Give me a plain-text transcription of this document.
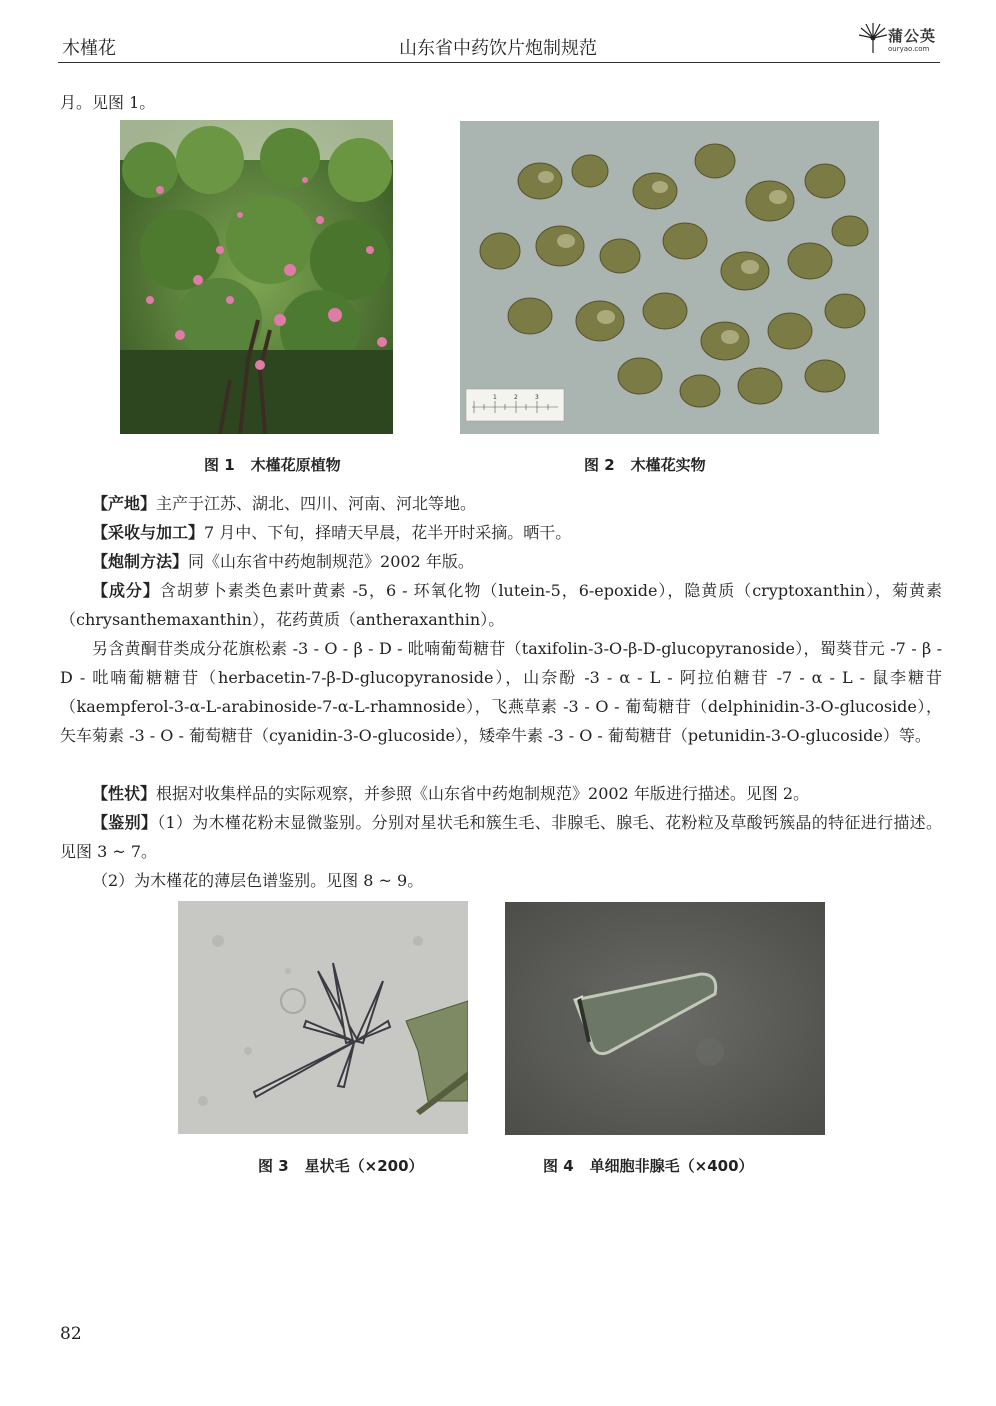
木槿花	山东省中药饮片炮制规范
蒲公英
ouryao.com

月。见图 1。

1	2	3
图 1 木槿花原植物	图 2 木槿花实物

【产地】主产于江苏、湖北、四川、河南、河北等地。

【采收与加工】7 月中、下旬，择晴天早晨，花半开时采摘。晒干。

【炮制方法】同《山东省中药炮制规范》2002 年版。

【成分】含胡萝卜素类色素叶黄素 -5，6 - 环氧化物（lutein-5，6-epoxide），隐黄质（cryptoxanthin），菊黄素（chrysanthemaxanthin），花药黄质（antheraxanthin）。

另含黄酮苷类成分花旗松素 -3 - O - β - D - 吡喃葡萄糖苷（taxifolin-3-O-β-D-glucopyranoside），蜀葵苷元 -7 - β - D - 吡喃葡糖糖苷（herbacetin-7-β-D-glucopyranoside），山奈酚 -3 - α - L - 阿拉伯糖苷 -7 - α - L - 鼠李糖苷（kaempferol-3-α-L-arabinoside-7-α-L-rhamnoside），飞燕草素 -3 - O - 葡萄糖苷（delphinidin-3-O-glucoside），矢车菊素 -3 - O - 葡萄糖苷（cyanidin-3-O-glucoside），矮牵牛素 -3 - O - 葡萄糖苷（petunidin-3-O-glucoside）等。

【性状】根据对收集样品的实际观察，并参照《山东省中药炮制规范》2002 年版进行描述。见图 2。

【鉴别】（1）为木槿花粉末显微鉴别。分别对星状毛和簇生毛、非腺毛、腺毛、花粉粒及草酸钙簇晶的特征进行描述。见图 3 ~ 7。

（2）为木槿花的薄层色谱鉴别。见图 8 ~ 9。

图 3 星状毛（×200）	图 4 单细胞非腺毛（×400）
82
